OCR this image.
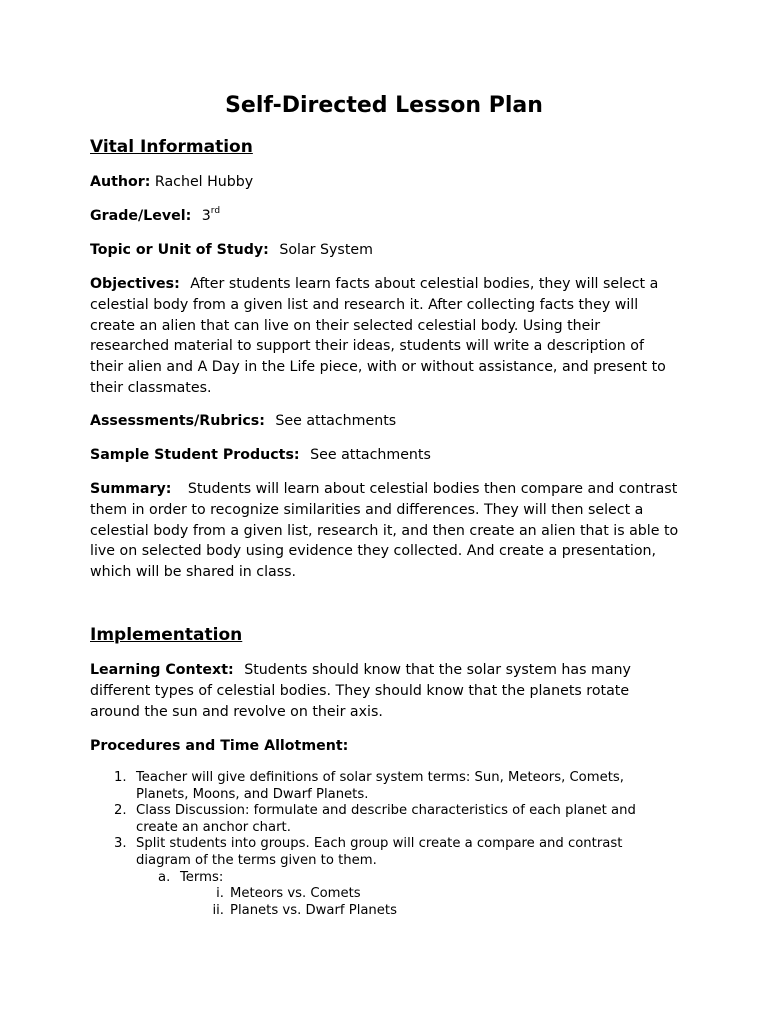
Self-Directed Lesson Plan
Vital Information
Author: Rachel Hubby
Grade/Level: 3rd
Topic or Unit of Study: Solar System
Objectives: After students learn facts about celestial bodies, they will select a celestial body from a given list and research it. After collecting facts they will create an alien that can live on their selected celestial body. Using their researched material to support their ideas, students will write a description of their alien and A Day in the Life piece, with or without assistance, and present to their classmates.
Assessments/Rubrics: See attachments
Sample Student Products: See attachments
Summary: Students will learn about celestial bodies then compare and contrast them in order to recognize similarities and differences. They will then select a celestial body from a given list, research it, and then create an alien that is able to live on selected body using evidence they collected. And create a presentation, which will be shared in class.
Implementation
Learning Context: Students should know that the solar system has many different types of celestial bodies. They should know that the planets rotate around the sun and revolve on their axis.
Procedures and Time Allotment:
1. Teacher will give definitions of solar system terms: Sun, Meteors, Comets, Planets, Moons, and Dwarf Planets.
2. Class Discussion: formulate and describe characteristics of each planet and create an anchor chart.
3. Split students into groups. Each group will create a compare and contrast diagram of the terms given to them.
a. Terms:
i. Meteors vs. Comets
ii. Planets vs. Dwarf Planets
